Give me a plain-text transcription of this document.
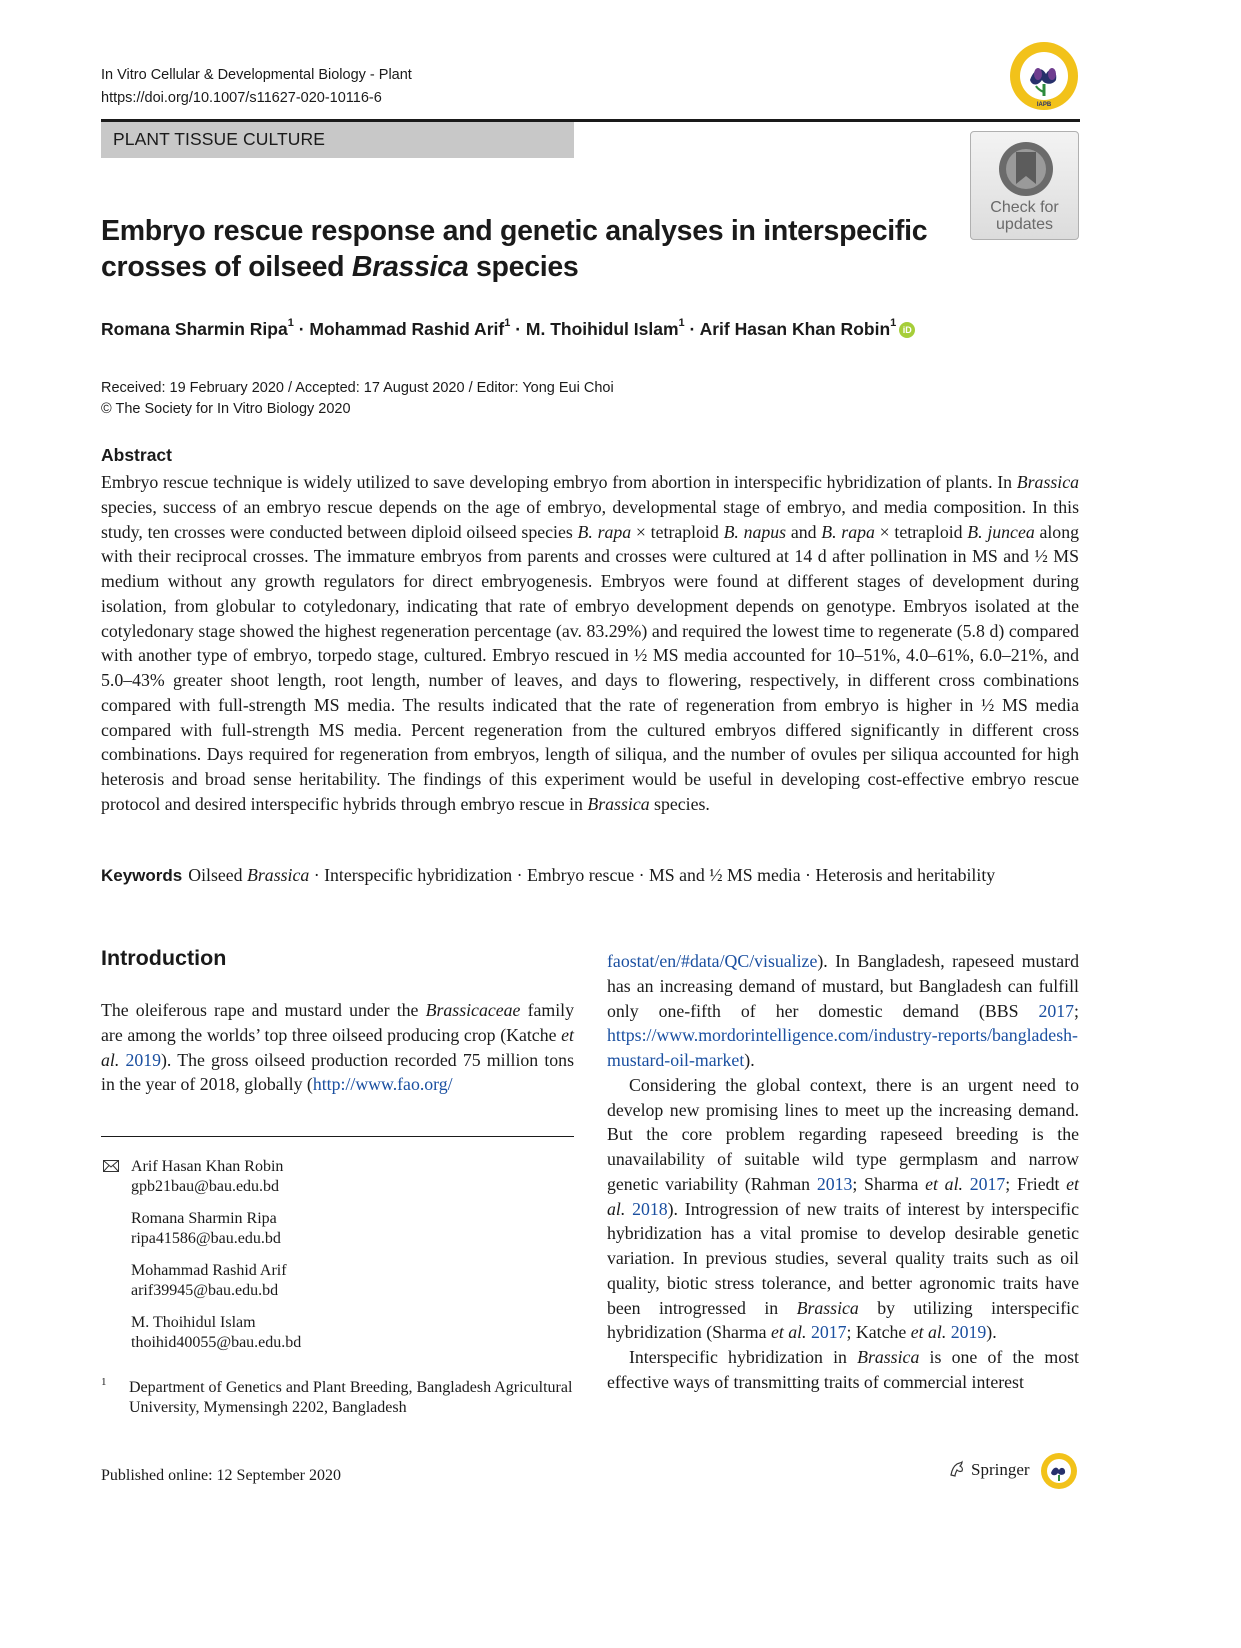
In Vitro Cellular & Developmental Biology - Plant
https://doi.org/10.1007/s11627-020-10116-6	IAPB
PLANT TISSUE CULTURE
Check for
updates
Embryo rescue response and genetic analyses in interspecific crosses of oilseed Brassica species
Romana Sharmin Ripa$^1$ · Mohammad Rashid Arif$^1$ · M. Thoihidul Islam$^1$ · Arif Hasan Khan Robin$^1$iD
Received: 19 February 2020 / Accepted: 17 August 2020 / Editor: Yong Eui Choi
© The Society for In Vitro Biology 2020
Abstract
Embryo rescue technique is widely utilized to save developing embryo from abortion in interspecific hybridization of plants. In Brassica species, success of an embryo rescue depends on the age of embryo, developmental stage of embryo, and media composition. In this study, ten crosses were conducted between diploid oilseed species B. rapa × tetraploid B. napus and B. rapa × tetraploid B. juncea along with their reciprocal crosses. The immature embryos from parents and crosses were cultured at 14 d after pollination in MS and ½ MS medium without any growth regulators for direct embryogenesis. Embryos were found at different stages of development during isolation, from globular to cotyledonary, indicating that rate of embryo development depends on genotype. Embryos isolated at the cotyledonary stage showed the highest regeneration percentage (av. 83.29%) and required the lowest time to regenerate (5.8 d) compared with another type of embryo, torpedo stage, cultured. Embryo rescued in ½ MS media accounted for 10–51%, 4.0–61%, 6.0–21%, and 5.0–43% greater shoot length, root length, number of leaves, and days to flowering, respectively, in different cross combinations compared with full-strength MS media. The results indicated that the rate of regeneration from embryo is higher in ½ MS media compared with full-strength MS media. Percent regeneration from the cultured embryos differed significantly in different cross combinations. Days required for regeneration from embryos, length of siliqua, and the number of ovules per siliqua accounted for high heterosis and broad sense heritability. The findings of this experiment would be useful in developing cost-effective embryo rescue protocol and desired interspecific hybrids through embryo rescue in Brassica species.
Keywords Oilseed Brassica · Interspecific hybridization · Embryo rescue · MS and ½ MS media · Heterosis and heritability
Introduction
The oleiferous rape and mustard under the Brassicaceae family are among the worlds’ top three oilseed producing crop (Katche et al. 2019). The gross oilseed production recorded 75 million tons in the year of 2018, globally (http://www.fao.org/

faostat/en/#data/QC/visualize). In Bangladesh, rapeseed mustard has an increasing demand of mustard, but Bangladesh can fulfill only one-fifth of her domestic demand (BBS 2017; https://www.mordorintelligence.com/industry-reports/bangladesh-mustard-oil-market).

Considering the global context, there is an urgent need to develop new promising lines to meet up the increasing demand. But the core problem regarding rapeseed breeding is the unavailability of suitable wild type germplasm and narrow genetic variability (Rahman 2013; Sharma et al. 2017; Friedt et al. 2018). Introgression of new traits of interest by interspecific hybridization has a vital promise to develop desirable genetic variation. In previous studies, several quality traits such as oil quality, biotic stress tolerance, and better agronomic traits have been introgressed in Brassica by utilizing interspecific hybridization (Sharma et al. 2017; Katche et al. 2019).

Interspecific hybridization in Brassica is one of the most effective ways of transmitting traits of commercial interest

Arif Hasan Khan Robin
gpb21bau@bau.edu.bd
Romana Sharmin Ripa
ripa41586@bau.edu.bd
Mohammad Rashid Arif
arif39945@bau.edu.bd
M. Thoihidul Islam
thoihid40055@bau.edu.bd
1 Department of Genetics and Plant Breeding, Bangladesh Agricultural University, Mymensingh 2202, Bangladesh
Published online: 12 September 2020	Springer
